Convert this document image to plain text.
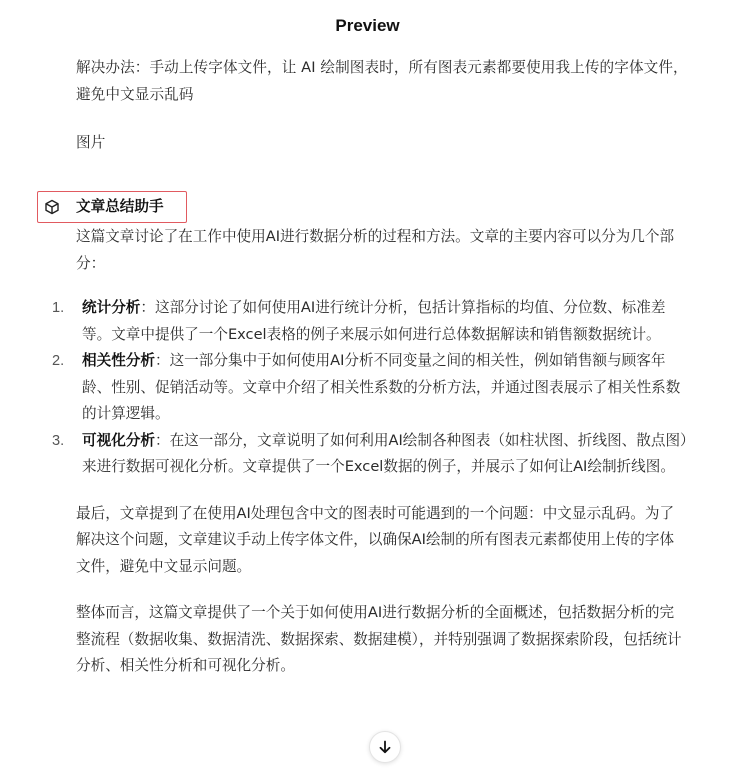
Preview

解决办法：手动上传字体文件，让 AI 绘制图表时，所有图表元素都要使用我上传的字体文件，避免中文显示乱码

图片

文章总结助手

这篇文章讨论了在工作中使用AI进行数据分析的过程和方法。文章的主要内容可以分为几个部分：

1. 统计分析：这部分讨论了如何使用AI进行统计分析，包括计算指标的均值、分位数、标准差等。文章中提供了一个Excel表格的例子来展示如何进行总体数据解读和销售额数据统计。
2. 相关性分析：这一部分集中于如何使用AI分析不同变量之间的相关性，例如销售额与顾客年龄、性别、促销活动等。文章中介绍了相关性系数的分析方法，并通过图表展示了相关性系数的计算逻辑。
3. 可视化分析：在这一部分，文章说明了如何利用AI绘制各种图表（如柱状图、折线图、散点图）来进行数据可视化分析。文章提供了一个Excel数据的例子，并展示了如何让AI绘制折线图。

最后，文章提到了在使用AI处理包含中文的图表时可能遇到的一个问题：中文显示乱码。为了解决这个问题，文章建议手动上传字体文件，以确保AI绘制的所有图表元素都使用上传的字体文件，避免中文显示问题。

整体而言，这篇文章提供了一个关于如何使用AI进行数据分析的全面概述，包括数据分析的完整流程（数据收集、数据清洗、数据探索、数据建模），并特别强调了数据探索阶段，包括统计分析、相关性分析和可视化分析。
